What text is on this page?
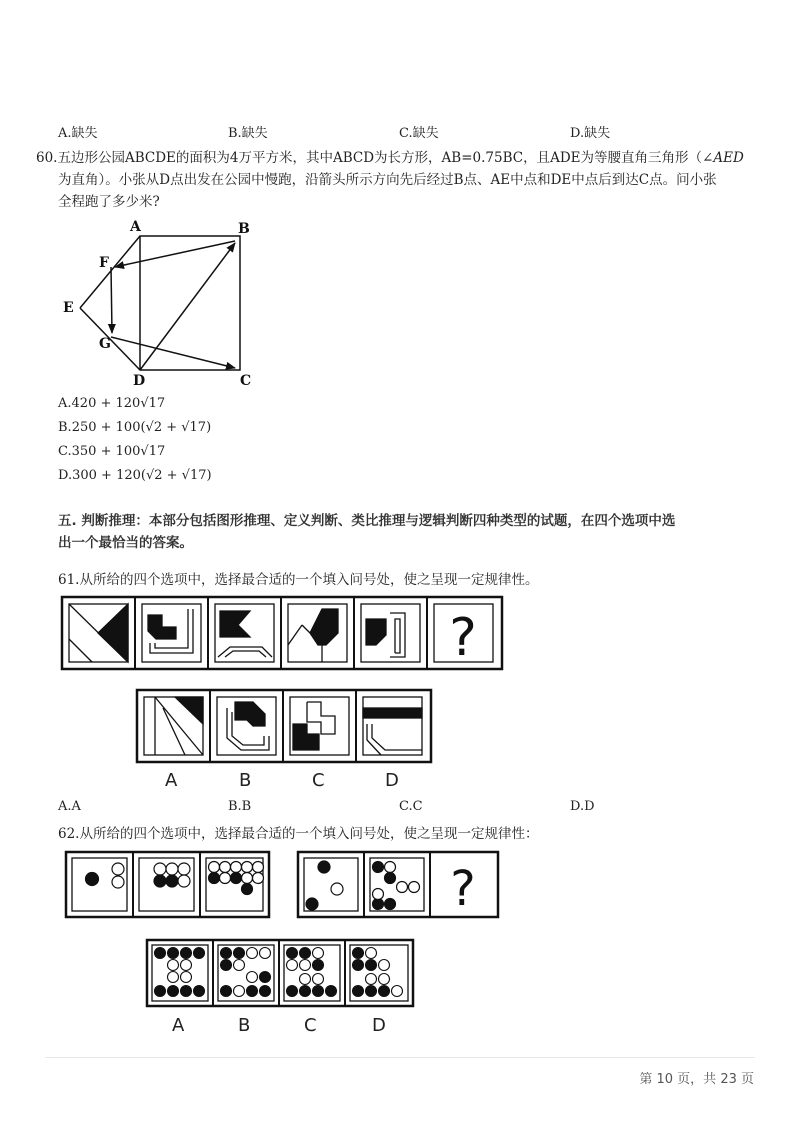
A.缺失	B.缺失	C.缺失	D.缺失
60.五边形公园ABCDE的面积为4万平方米，其中ABCD为长方形，AB=0.75BC，且ADE为等腰直角三角形（∠AED
为直角）。小张从D点出发在公园中慢跑，沿箭头所示方向先后经过B点、AE中点和DE中点后到达C点。问小张
全程跑了多少米?
A	B
C
D
E
F
G
A.420 + 120√17
B.250 + 100(√2 + √17)
C.350 + 100√17
D.300 + 120(√2 + √17)
五. 判断推理：本部分包括图形推理、定义判断、类比推理与逻辑判断四种类型的试题，在四个选项中选
出一个最恰当的答案。
61.从所给的四个选项中，选择最合适的一个填入问号处，使之呈现一定规律性。
?
A	B	C	D
A.A	B.B	C.C	D.D
62.从所给的四个选项中，选择最合适的一个填入问号处，使之呈现一定规律性：
?
A	B	C	D
第 10 页，共 23 页
